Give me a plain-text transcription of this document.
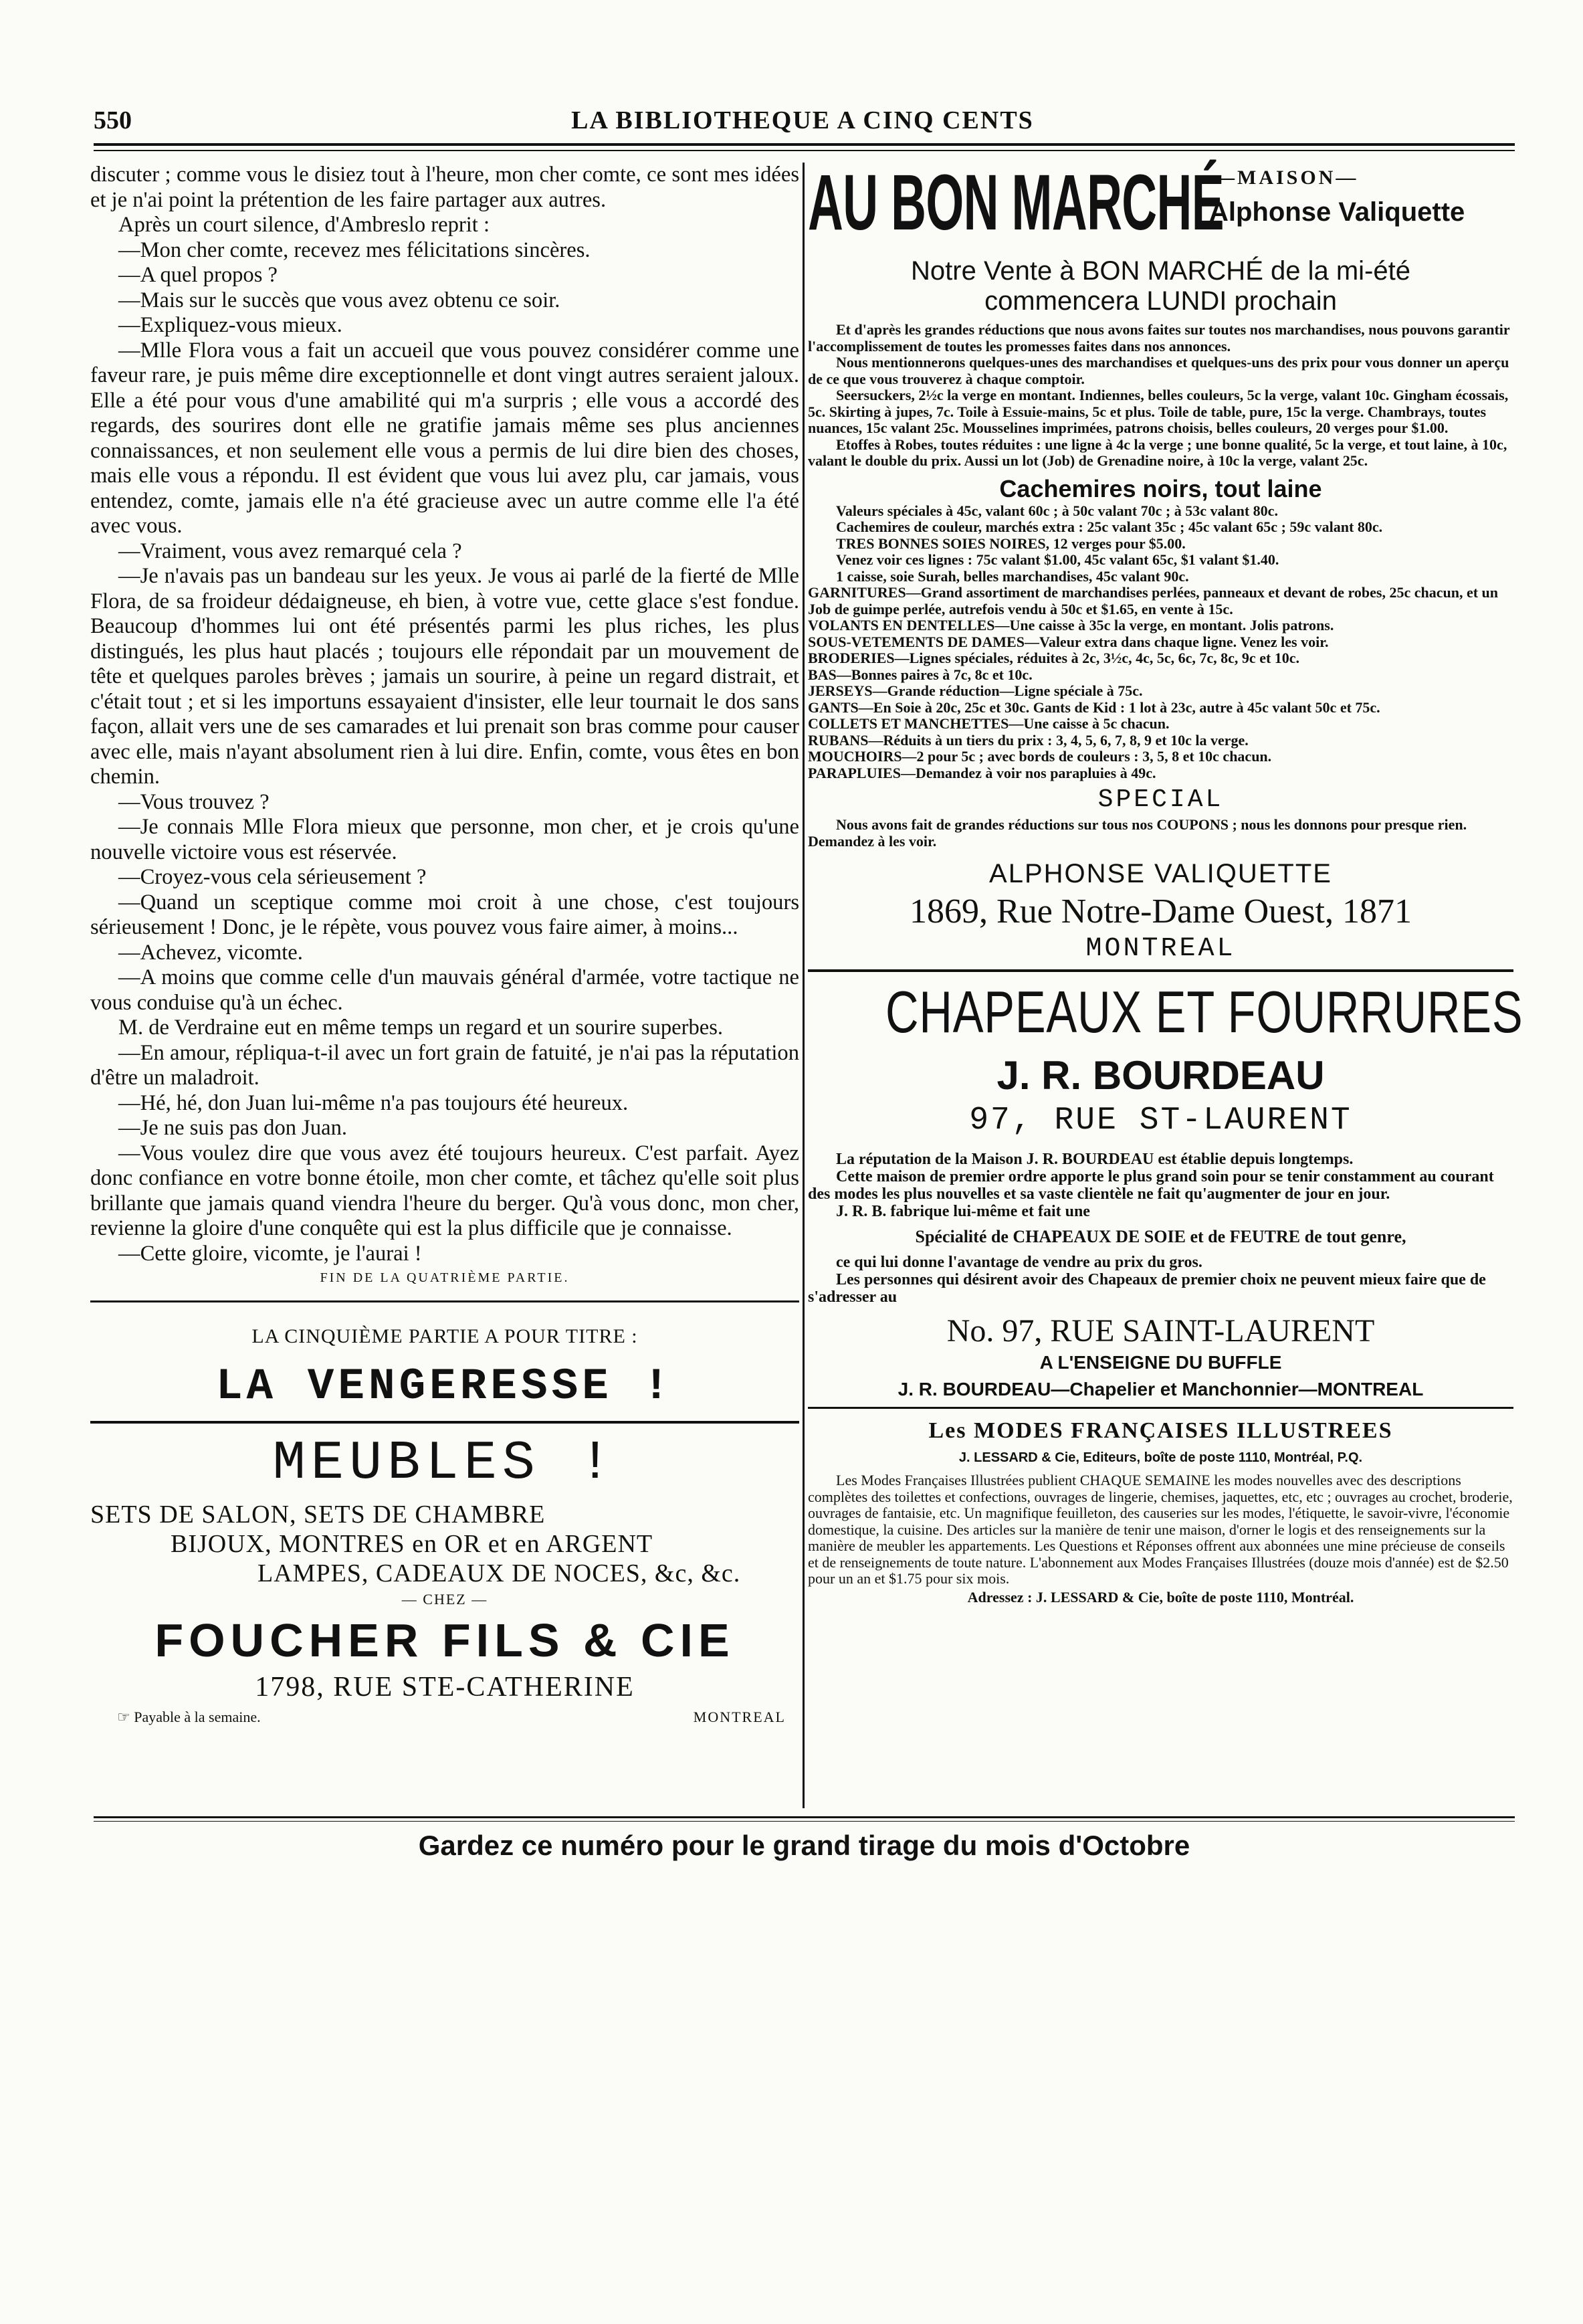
550	LA BIBLIOTHEQUE A CINQ CENTS

discuter ; comme vous le disiez tout à l'heure, mon cher comte, ce sont mes idées et je n'ai point la prétention de les faire partager aux autres.

Après un court silence, d'Ambreslo reprit :

—Mon cher comte, recevez mes félicitations sincères.

—A quel propos ?

—Mais sur le succès que vous avez obtenu ce soir.

—Expliquez-vous mieux.

—Mlle Flora vous a fait un accueil que vous pouvez considérer comme une faveur rare, je puis même dire exceptionnelle et dont vingt autres seraient jaloux. Elle a été pour vous d'une amabilité qui m'a surpris ; elle vous a accordé des regards, des sourires dont elle ne gratifie jamais même ses plus anciennes connaissances, et non seulement elle vous a permis de lui dire bien des choses, mais elle vous a répondu. Il est évident que vous lui avez plu, car jamais, vous entendez, comte, jamais elle n'a été gracieuse avec un autre comme elle l'a été avec vous.

—Vraiment, vous avez remarqué cela ?

—Je n'avais pas un bandeau sur les yeux. Je vous ai parlé de la fierté de Mlle Flora, de sa froideur dédaigneuse, eh bien, à votre vue, cette glace s'est fondue. Beaucoup d'hommes lui ont été présentés parmi les plus riches, les plus distingués, les plus haut placés ; toujours elle répondait par un mouvement de tête et quelques paroles brèves ; jamais un sourire, à peine un regard distrait, et c'était tout ; et si les importuns essayaient d'insister, elle leur tournait le dos sans façon, allait vers une de ses camarades et lui prenait son bras comme pour causer avec elle, mais n'ayant absolument rien à lui dire. Enfin, comte, vous êtes en bon chemin.

—Vous trouvez ?

—Je connais Mlle Flora mieux que personne, mon cher, et je crois qu'une nouvelle victoire vous est réservée.

—Croyez-vous cela sérieusement ?

—Quand un sceptique comme moi croit à une chose, c'est toujours sérieusement ! Donc, je le répète, vous pouvez vous faire aimer, à moins...

—Achevez, vicomte.

—A moins que comme celle d'un mauvais général d'armée, votre tactique ne vous conduise qu'à un échec.

M. de Verdraine eut en même temps un regard et un sourire superbes.

—En amour, répliqua-t-il avec un fort grain de fatuité, je n'ai pas la réputation d'être un maladroit.

—Hé, hé, don Juan lui-même n'a pas toujours été heureux.

—Je ne suis pas don Juan.

—Vous voulez dire que vous avez été toujours heureux. C'est parfait. Ayez donc confiance en votre bonne étoile, mon cher comte, et tâchez qu'elle soit plus brillante que jamais quand viendra l'heure du berger. Qu'à vous donc, mon cher, revienne la gloire d'une conquête qui est la plus difficile que je connaisse.

—Cette gloire, vicomte, je l'aurai !

FIN DE LA QUATRIÈME PARTIE.
LA CINQUIÈME PARTIE A POUR TITRE :
LA VENGERESSE !
MEUBLES !
SETS DE SALON, SETS DE CHAMBRE
BIJOUX, MONTRES en OR et en ARGENT
LAMPES, CADEAUX DE NOCES, &c, &c.
— CHEZ —
FOUCHER FILS & CIE
1798, RUE STE-CATHERINE
☞ Payable à la semaine.	MONTREAL
AU BON MARCHÉ
—MAISON—
Alphonse Valiquette
Notre Vente à BON MARCHÉ de la mi-été
commencera LUNDI prochain

Et d'après les grandes réductions que nous avons faites sur toutes nos marchandises, nous pouvons garantir l'accomplissement de toutes les promesses faites dans nos annonces.

Nous mentionnerons quelques-unes des marchandises et quelques-uns des prix pour vous donner un aperçu de ce que vous trouverez à chaque comptoir.

Seersuckers, 2½c la verge en montant. Indiennes, belles couleurs, 5c la verge, valant 10c. Gingham écossais, 5c. Skirting à jupes, 7c. Toile à Essuie-mains, 5c et plus. Toile de table, pure, 15c la verge. Chambrays, toutes nuances, 15c valant 25c. Mousselines imprimées, patrons choisis, belles couleurs, 20 verges pour $1.00.

Etoffes à Robes, toutes réduites : une ligne à 4c la verge ; une bonne qualité, 5c la verge, et tout laine, à 10c, valant le double du prix. Aussi un lot (Job) de Grenadine noire, à 10c la verge, valant 25c.

Cachemires noirs, tout laine

Valeurs spéciales à 45c, valant 60c ; à 50c valant 70c ; à 53c valant 80c.

Cachemires de couleur, marchés extra : 25c valant 35c ; 45c valant 65c ; 59c valant 80c.

TRES BONNES SOIES NOIRES, 12 verges pour $5.00.

Venez voir ces lignes : 75c valant $1.00, 45c valant 65c, $1 valant $1.40.

1 caisse, soie Surah, belles marchandises, 45c valant 90c.

GARNITURES—Grand assortiment de marchandises perlées, panneaux et devant de robes, 25c chacun, et un Job de guimpe perlée, autrefois vendu à 50c et $1.65, en vente à 15c.

VOLANTS EN DENTELLES—Une caisse à 35c la verge, en montant. Jolis patrons.

SOUS-VETEMENTS DE DAMES—Valeur extra dans chaque ligne. Venez les voir.

BRODERIES—Lignes spéciales, réduites à 2c, 3½c, 4c, 5c, 6c, 7c, 8c, 9c et 10c.

BAS—Bonnes paires à 7c, 8c et 10c.

JERSEYS—Grande réduction—Ligne spéciale à 75c.

GANTS—En Soie à 20c, 25c et 30c. Gants de Kid : 1 lot à 23c, autre à 45c valant 50c et 75c.

COLLETS ET MANCHETTES—Une caisse à 5c chacun.

RUBANS—Réduits à un tiers du prix : 3, 4, 5, 6, 7, 8, 9 et 10c la verge.

MOUCHOIRS—2 pour 5c ; avec bords de couleurs : 3, 5, 8 et 10c chacun.

PARAPLUIES—Demandez à voir nos parapluies à 49c.

SPECIAL

Nous avons fait de grandes réductions sur tous nos COUPONS ; nous les donnons pour presque rien. Demandez à les voir.

ALPHONSE VALIQUETTE
1869, Rue Notre-Dame Ouest, 1871
MONTREAL
CHAPEAUX ET FOURRURES
J. R. BOURDEAU
97, RUE ST-LAURENT

La réputation de la Maison J. R. BOURDEAU est établie depuis longtemps.

Cette maison de premier ordre apporte le plus grand soin pour se tenir constamment au courant des modes les plus nouvelles et sa vaste clientèle ne fait qu'augmenter de jour en jour.

J. R. B. fabrique lui-même et fait une

Spécialité de CHAPEAUX DE SOIE et de FEUTRE de tout genre,

ce qui lui donne l'avantage de vendre au prix du gros.

Les personnes qui désirent avoir des Chapeaux de premier choix ne peuvent mieux faire que de s'adresser au

No. 97, RUE SAINT-LAURENT
A L'ENSEIGNE DU BUFFLE
J. R. BOURDEAU—Chapelier et Manchonnier—MONTREAL
Les MODES FRANÇAISES ILLUSTREES
J. LESSARD & Cie, Editeurs, boîte de poste 1110, Montréal, P.Q.

Les Modes Françaises Illustrées publient CHAQUE SEMAINE les modes nouvelles avec des descriptions complètes des toilettes et confections, ouvrages de lingerie, chemises, jaquettes, etc, etc ; ouvrages au crochet, broderie, ouvrages de fantaisie, etc. Un magnifique feuilleton, des causeries sur les modes, l'étiquette, le savoir-vivre, l'économie domestique, la cuisine. Des articles sur la manière de tenir une maison, d'orner le logis et des renseignements sur la manière de meubler les appartements. Les Questions et Réponses offrent aux abonnées une mine précieuse de conseils et de renseignements de toute nature. L'abonnement aux Modes Françaises Illustrées (douze mois d'année) est de $2.50 pour un an et $1.75 pour six mois.

Adressez : J. LESSARD & Cie, boîte de poste 1110, Montréal.
Gardez ce numéro pour le grand tirage du mois d'Octobre
